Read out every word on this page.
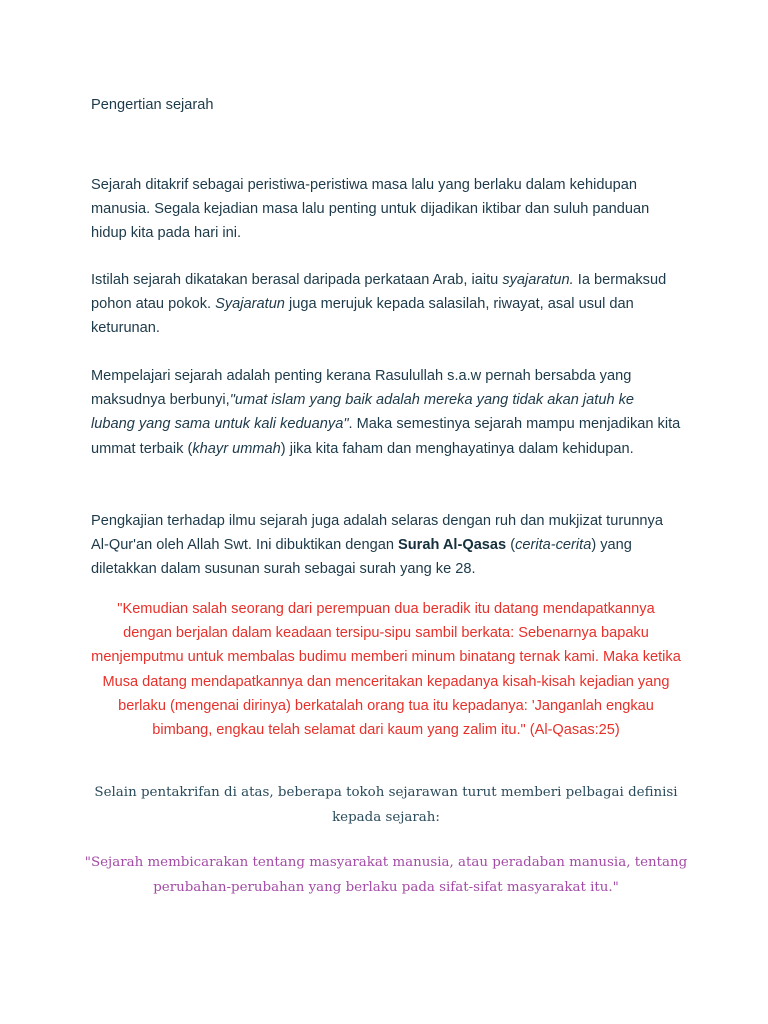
Pengertian sejarah

Sejarah ditakrif sebagai peristiwa-peristiwa masa lalu yang berlaku dalam kehidupan manusia. Segala kejadian masa lalu penting untuk dijadikan iktibar dan suluh panduan hidup kita pada hari ini.

Istilah sejarah dikatakan berasal daripada perkataan Arab, iaitu syajaratun. Ia bermaksud pohon atau pokok. Syajaratun juga merujuk kepada salasilah, riwayat, asal usul dan keturunan.

Mempelajari sejarah adalah penting kerana Rasulullah s.a.w pernah bersabda yang maksudnya berbunyi,"umat islam yang baik adalah mereka yang tidak akan jatuh ke lubang yang sama untuk kali keduanya". Maka semestinya sejarah mampu menjadikan kita ummat terbaik (khayr ummah) jika kita faham dan menghayatinya dalam kehidupan.

Pengkajian terhadap ilmu sejarah juga adalah selaras dengan ruh dan mukjizat turunnya Al-Qur'an oleh Allah Swt. Ini dibuktikan dengan Surah Al-Qasas (cerita-cerita) yang diletakkan dalam susunan surah sebagai surah yang ke 28.

"Kemudian salah seorang dari perempuan dua beradik itu datang mendapatkannya dengan berjalan dalam keadaan tersipu-sipu sambil berkata: Sebenarnya bapaku menjemputmu untuk membalas budimu memberi minum binatang ternak kami. Maka ketika Musa datang mendapatkannya dan menceritakan kepadanya kisah-kisah kejadian yang berlaku (mengenai dirinya) berkatalah orang tua itu kepadanya: 'Janganlah engkau bimbang, engkau telah selamat dari kaum yang zalim itu." (Al-Qasas:25)

Selain pentakrifan di atas, beberapa tokoh sejarawan turut memberi pelbagai definisi kepada sejarah:

"Sejarah membicarakan tentang masyarakat manusia, atau peradaban manusia, tentang perubahan-perubahan yang berlaku pada sifat-sifat masyarakat itu."
